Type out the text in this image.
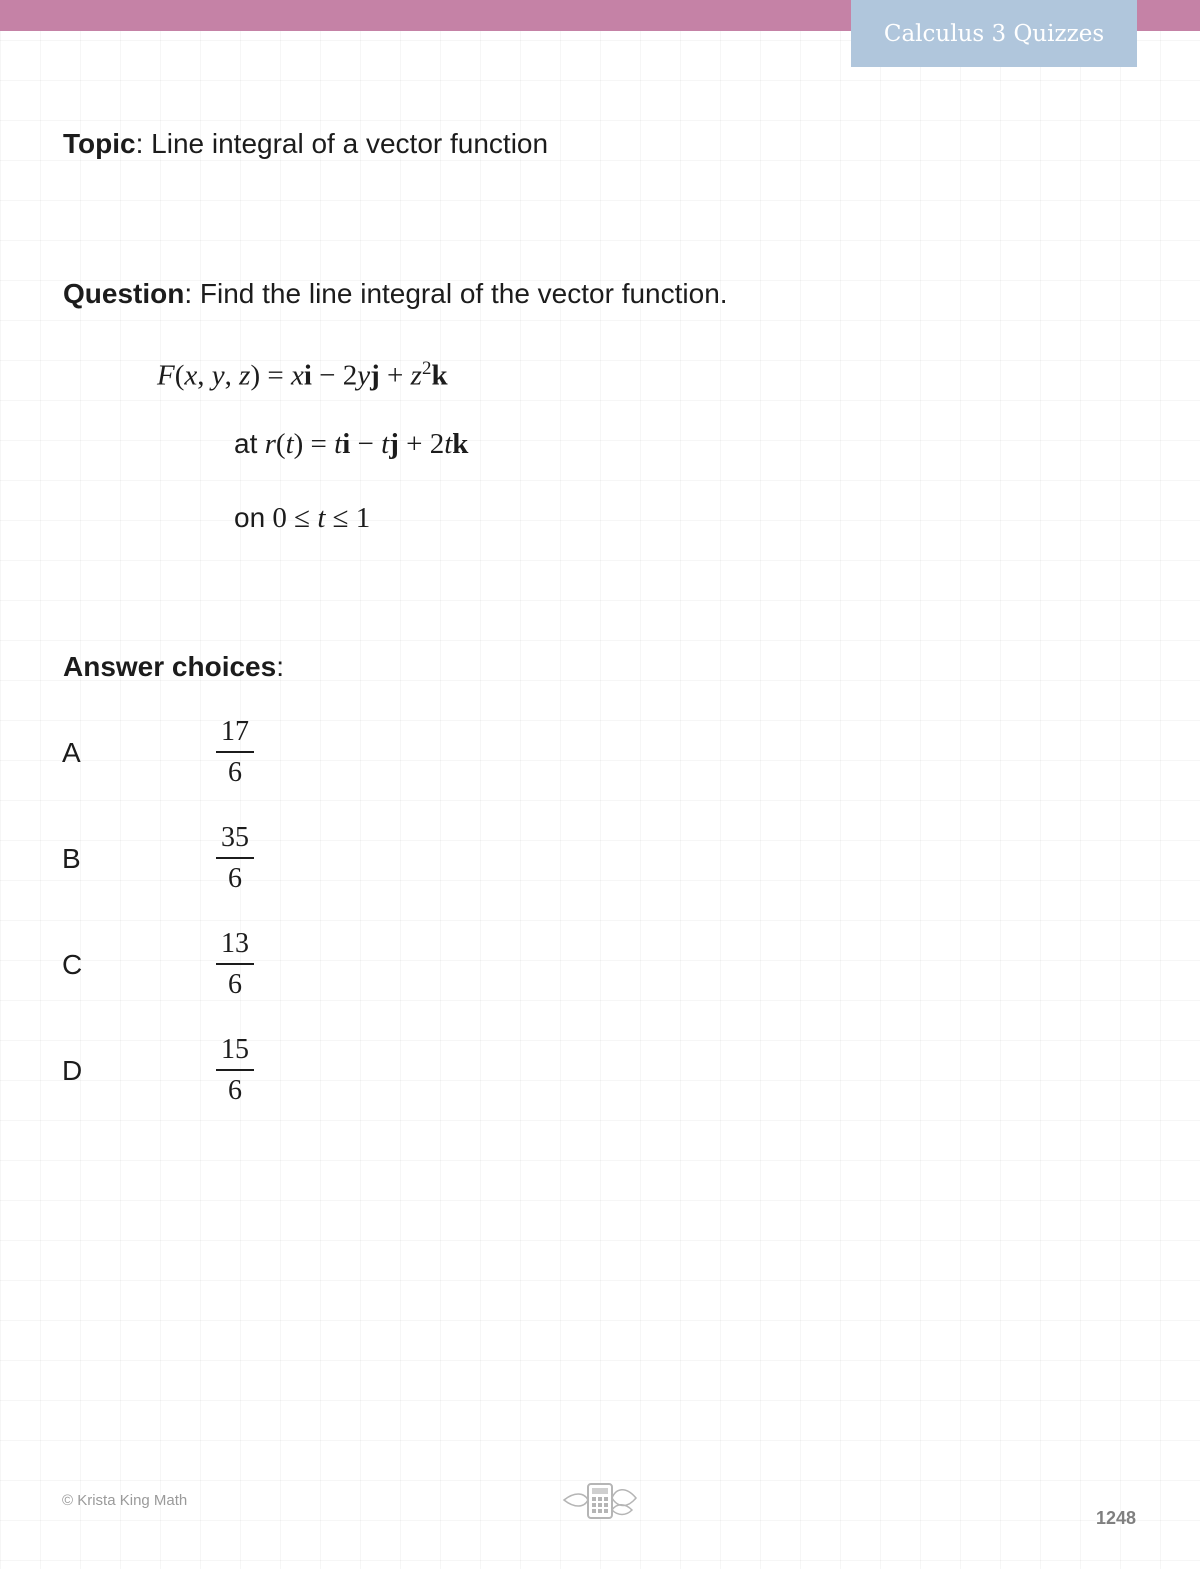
Calculus 3 Quizzes
Topic: Line integral of a vector function
Question: Find the line integral of the vector function.
F(x, y, z) = xi − $2yj + z^2k$
at r(t) = ti − tj + 2tk
on 0 ≤ t ≤ 1
Answer choices:
A
17
6
B
35
6
C
13
6
D
15
6
© Krista King Math
1248
